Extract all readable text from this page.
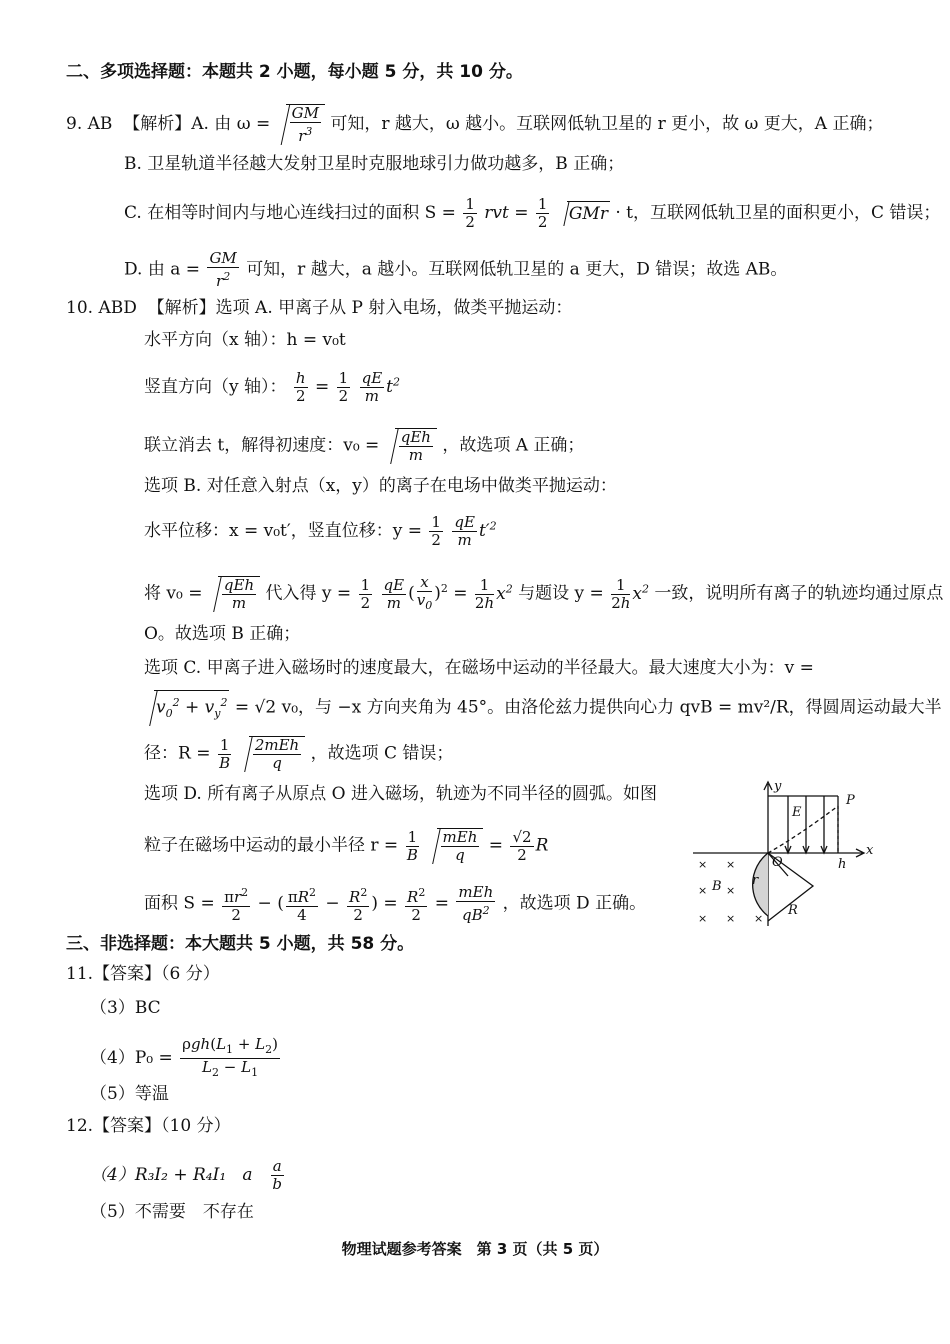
二、多项选择题：本题共 2 小题，每小题 5 分，共 10 分。
9. AB 【解析】A. 由 $\omega = \frac{GM}{r^3}$ 可知，r 越大，ω 越小。互联网低轨卫星的 r 更小，故 ω 更大，A 正确；
B. 卫星轨道半径越大发射卫星时克服地球引力做功越多，B 正确；
C. 在相等时间内与地心连线扫过的面积 $S = \frac{1}{2}$ rvt = $\frac{1}{2}$ GMr · t，互联网低轨卫星的面积更小，C 错误；
D. 由 $a = \frac{GM}{r^2}$ 可知，r 越大，a 越小。互联网低轨卫星的 a 更大，D 错误；故选 AB。
10. ABD 【解析】选项 A. 甲离子从 P 射入电场，做类平抛运动：
水平方向（x 轴）：h = v₀t
竖直方向（y 轴）： $\frac{h}{2} = \frac{1}{2}$
$\frac{qE}{m} t^2$
联立消去 t，解得初速度：$v_0 = \frac{\text{qEh}}{m}$ ，故选项 A 正确；
选项 B. 对任意入射点（x，y）的离子在电场中做类平抛运动：
水平位移：x = v₀t′，竖直位移：$y = \frac{1}{2}$
$\frac{qE}{m} t'^2$
将 $v_0 = \frac{\text{qEh}}{m}$ 代入得 $y = \frac{1}{2}$
$\frac{qE}{m}$ ( $\frac{x}{v_0} )^2 = \frac{1}{2h} x^2$ 与题设 $y = \frac{1}{2h} x^2$ 一致，说明所有离子的轨迹均通过原点
O。故选项 B 正确；
选项 C. 甲离子进入磁场时的速度最大，在磁场中运动的半径最大。最大速度大小为：v =
$v_0^2 + v_y^2 = √2$ v₀，与 −x 方向夹角为 45°。由洛伦兹力提供向心力 qvB = mv²/R，得圆周运动最大半
径：$R = \frac{1}{B}$
$\frac{\text{2mEh}}{q}$ ，故选项 C 错误；
选项 D. 所有离子从原点 O 进入磁场，轨迹为不同半径的圆弧。如图
粒子在磁场中运动的最小半径 $r = \frac{1}{B}$
$\frac{\text{mEh}}{q} = \frac{√2}{2}$ R
面积 $S = \frac{\pi r^2}{2}$ − ( $\frac{\pi R^2}{4} - \frac{R^2}{2}$ ) = $\frac{R^2}{2} = \frac{\text{mEh}}{qB^2}$ ，故选项 D 正确。
y
x
E
P
O	h
B r
R
× ×
× ×
× × ×
三、非选择题：本大题共 5 小题，共 58 分。
11.【答案】（6 分）
（3）BC
$(4)P_0 = \frac{\rho gh(L_1 + L_2)}{L_2 - L_1}$
（5）等温
12.【答案】（10 分）
（4）R₃I₂ + R₄I₁ a $\frac{a}{b}$
（5）不需要　不存在
物理试题参考答案　第 3 页（共 5 页）
